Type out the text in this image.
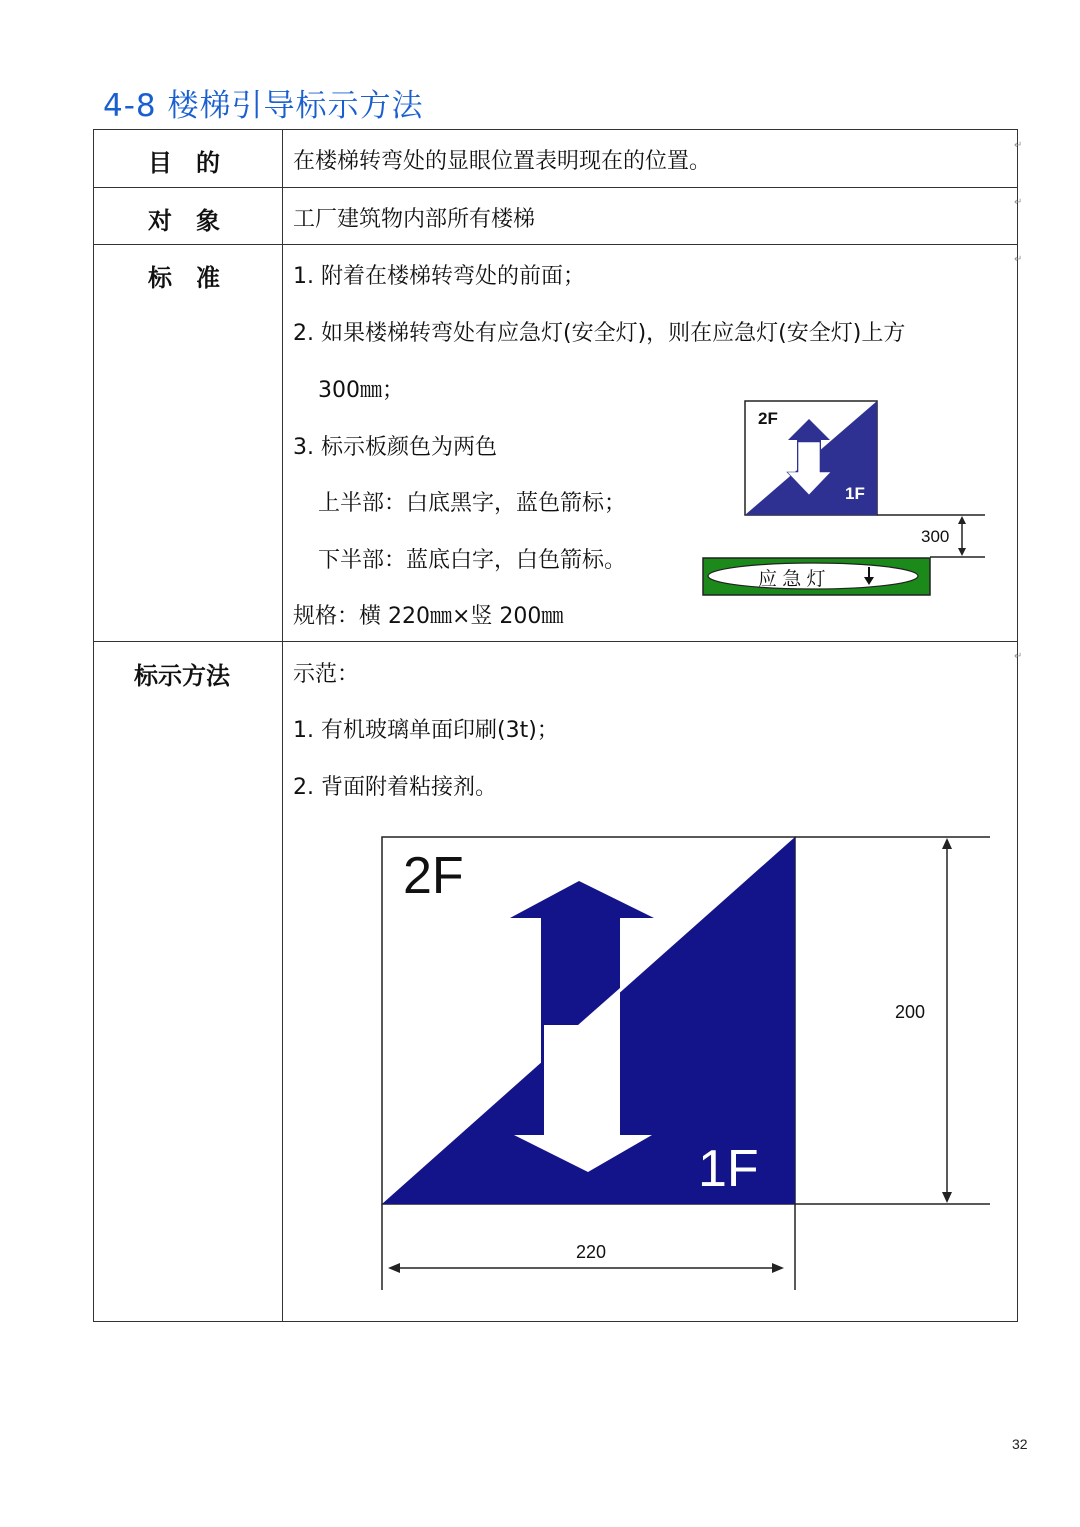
4-8 楼梯引导标示方法
↵
↵
↵
↵
目　的	在楼梯转弯处的显眼位置表明现在的位置。
对　象	工厂建筑物内部所有楼梯
标　准	1. 附着在楼梯转弯处的前面；
2. 如果楼梯转弯处有应急灯(安全灯)，则在应急灯(安全灯)上方
300㎜；
3. 标示板颜色为两色
上半部：白底黑字，蓝色箭标；
下半部：蓝底白字，白色箭标。
规格：横 220㎜×竖 200㎜
2F
1F
300
应 急 灯
标示方法	示范：
1. 有机玻璃单面印刷(3t)；
2. 背面附着粘接剂。
2F
1F
200
220
32
